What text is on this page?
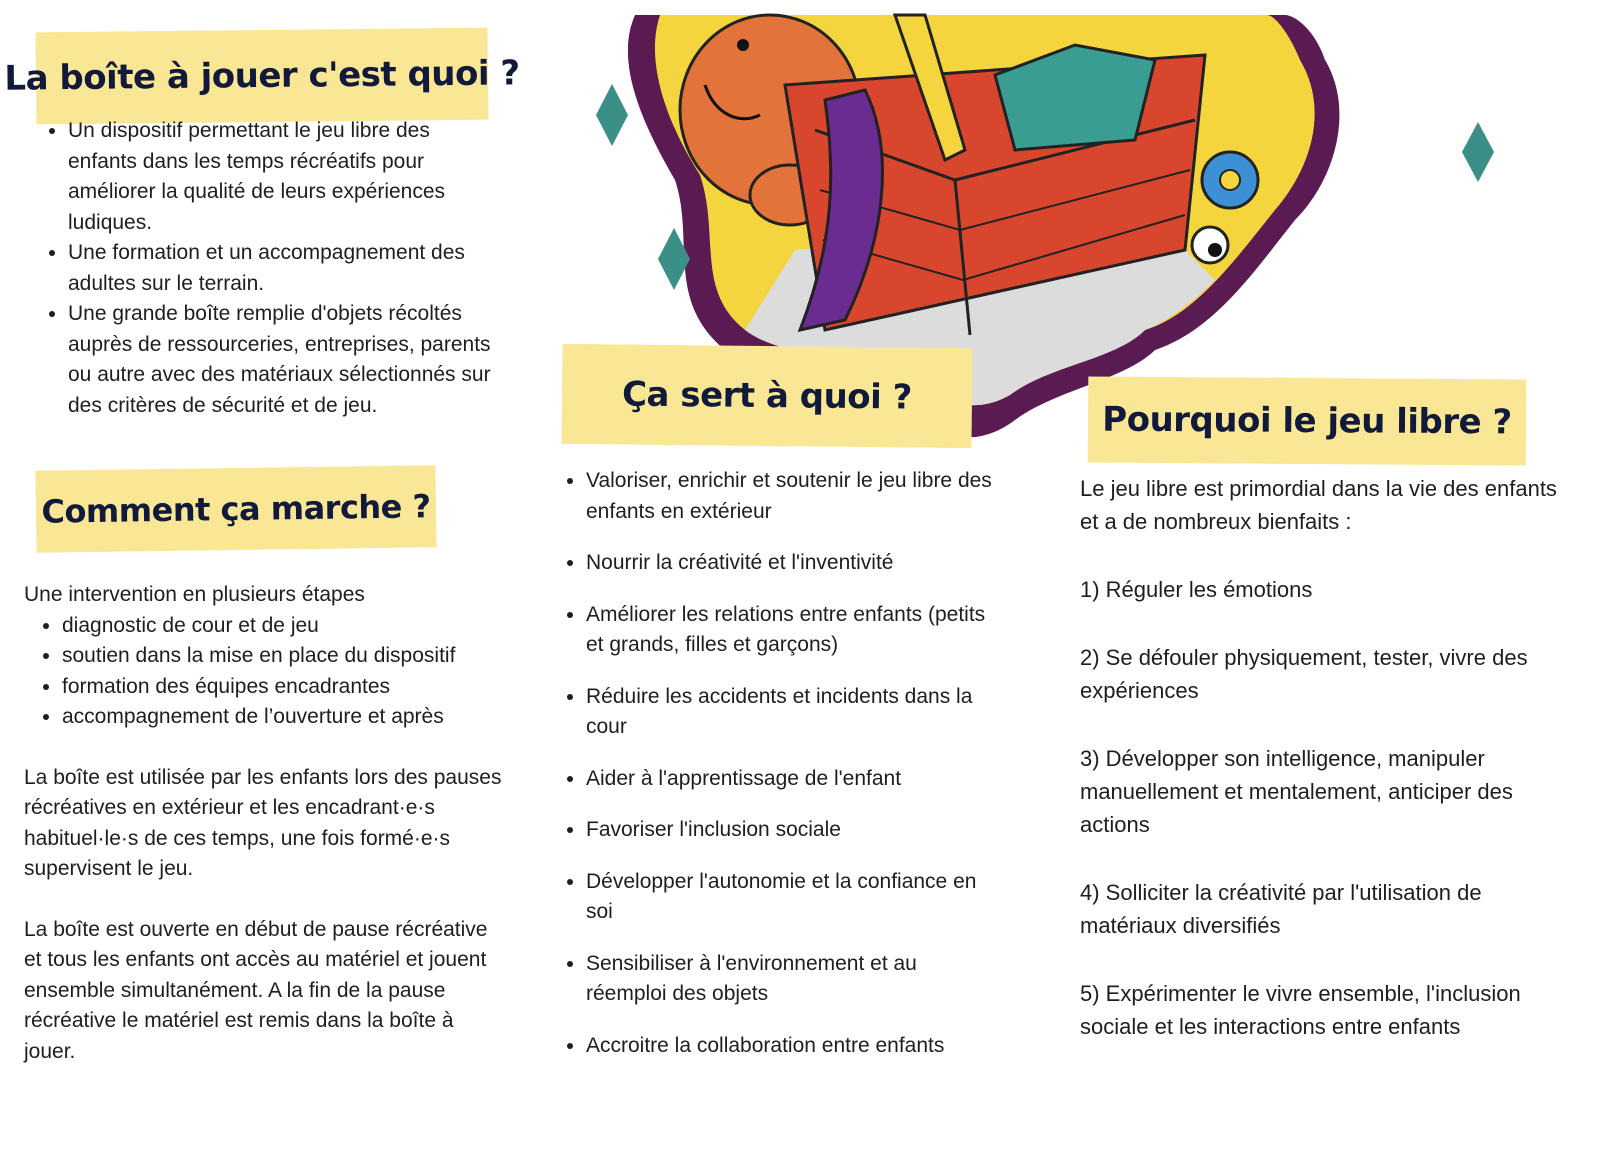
La boîte à jouer c'est quoi ?
• Un dispositif permettant le jeu libre des enfants dans les temps récréatifs pour améliorer la qualité de leurs expériences ludiques.
• Une formation et un accompagnement des adultes sur le terrain.
• Une grande boîte remplie d'objets récoltés auprès de ressourceries, entreprises, parents ou autre avec des matériaux sélectionnés sur des critères de sécurité et de jeu.
Comment ça marche ?

Une intervention en plusieurs étapes

• diagnostic de cour et de jeu
• soutien dans la mise en place du dispositif
• formation des équipes encadrantes
• accompagnement de l’ouverture et après

La boîte est utilisée par les enfants lors des pauses récréatives en extérieur et les encadrant·e·s habituel·le·s de ces temps, une fois formé·e·s supervisent le jeu.

La boîte est ouverte en début de pause récréative et tous les enfants ont accès au matériel et jouent ensemble simultanément. A la fin de la pause récréative le matériel est remis dans la boîte à jouer.

Ça sert à quoi ?
• Valoriser, enrichir et soutenir le jeu libre des enfants en extérieur
• Nourrir la créativité et l'inventivité
• Améliorer les relations entre enfants (petits et grands, filles et garçons)
• Réduire les accidents et incidents dans la cour
• Aider à l'apprentissage de l'enfant
• Favoriser l'inclusion sociale
• Développer l'autonomie et la confiance en soi
• Sensibiliser à l'environnement et au réemploi des objets
• Accroitre la collaboration entre enfants
Pourquoi le jeu libre ?

Le jeu libre est primordial dans la vie des enfants et a de nombreux bienfaits :

1) Réguler les émotions

2) Se défouler physiquement, tester, vivre des expériences

3) Développer son intelligence, manipuler manuellement et mentalement, anticiper des actions

4) Solliciter la créativité par l'utilisation de matériaux diversifiés

5) Expérimenter le vivre ensemble, l'inclusion sociale et les interactions entre enfants
